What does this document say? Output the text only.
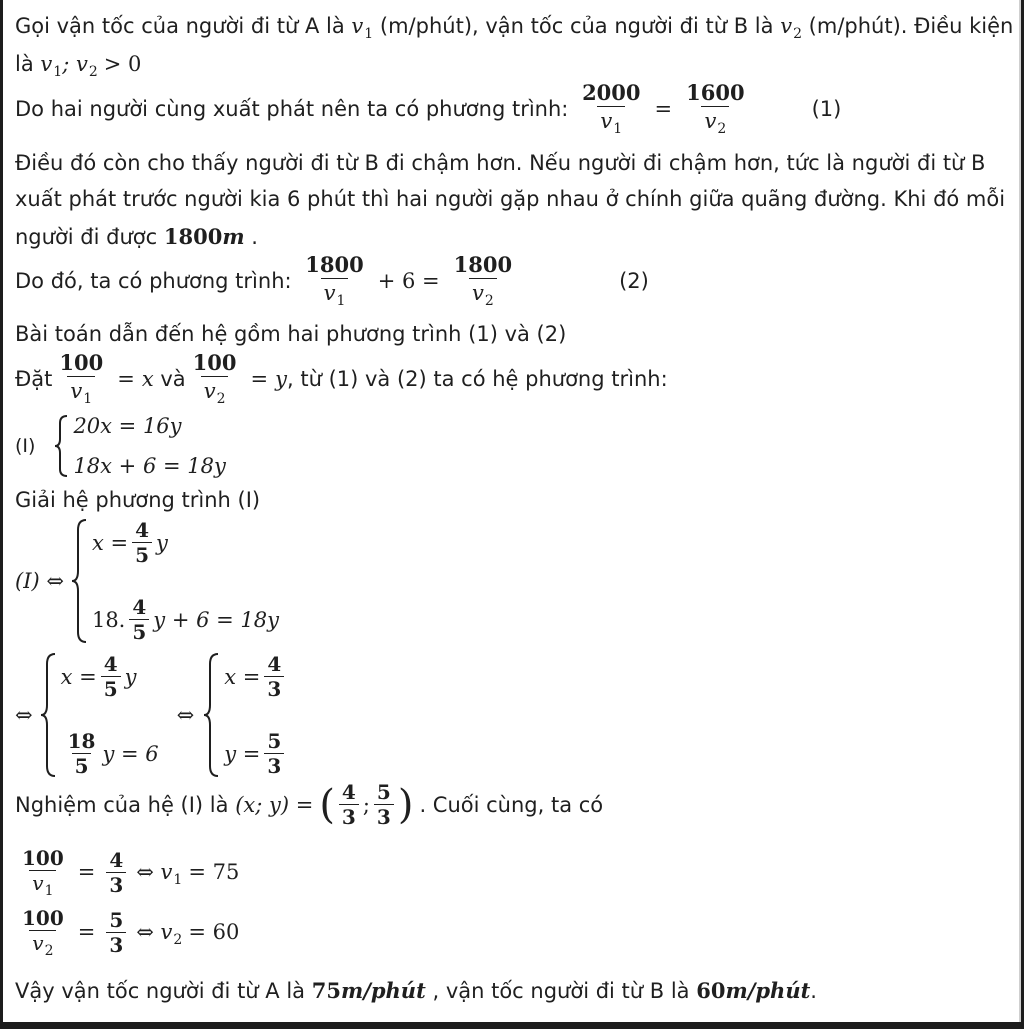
Gọi vận tốc của người đi từ A là
$v_1$
(m/phút), vận tốc của người đi từ B là
$v_2$
(m/phút). Điều kiện
là
$v_1$; $v_2 > 0$
Do hai người cùng xuất phát nên ta có phương trình:
$\frac{2000}{v_1} = \frac{1600}{v_2}$	(1)
Điều đó còn cho thấy người đi từ B đi chậm hơn. Nếu người đi chậm hơn, tức là người đi từ B
xuất phát trước người kia 6 phút thì hai người gặp nhau ở chính giữa quãng đường. Khi đó mỗi
người đi được
1800 m
.
Do đó, ta có phương trình:
$\frac{1800}{v_1} + 6 = \frac{1800}{v_2}$	(2)
Bài toán dẫn đến hệ gồm hai phương trình (1) và (2)
Đặt $\frac{100}{v_1} = x$
và $\frac{100}{v_2} = y$ , từ (1) và (2) ta có hệ phương trình:
(I)
20x = 16y
18x + 6 = 18y
Giải hệ phương trình (I)
(I) ⇔
$x = \frac{4}{5}$ y
18. $\frac{4}{5}$ y + 6 = 18y
⇔
$x = \frac{4}{5}$ y
$\frac{18}{5}$ y = 6
⇔
$x = \frac{4}{3}$
$y = \frac{5}{3}$
Nghiệm của hệ (I) là
(x; y) = ( $\frac{4}{3}$ ; $\frac{5}{3}$ ) . Cuối cùng, ta có
$\frac{100}{v_1} = \frac{4}{3}$ ⇔ $v_1 = 75$
$\frac{100}{v_2} = \frac{5}{3}$ ⇔ $v_2 = 60$
Vậy vận tốc người đi từ A là
75 m/phút
, vận tốc người đi từ B là
60 m/phút .
